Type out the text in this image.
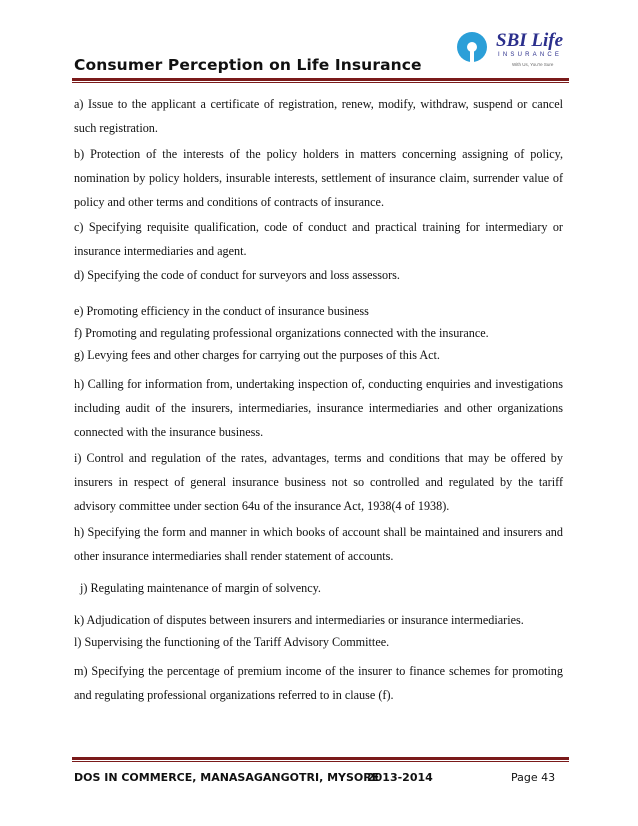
Consumer Perception on Life Insurance
SBI Life
INSURANCE
With Us, You're Sure
a) Issue to the applicant a certificate of registration, renew, modify, withdraw, suspend or cancel such registration.
b) Protection of the interests of the policy holders in matters concerning assigning of policy, nomination by policy holders, insurable interests, settlement of insurance claim, surrender value of policy and other terms and conditions of contracts of insurance.
c) Specifying requisite qualification, code of conduct and practical training for intermediary or insurance intermediaries and agent.
d) Specifying the code of conduct for surveyors and loss assessors.
e) Promoting efficiency in the conduct of insurance business
f) Promoting and regulating professional organizations connected with the insurance.
g) Levying fees and other charges for carrying out the purposes of this Act.
h) Calling for information from, undertaking inspection of, conducting enquiries and investigations including audit of the insurers, intermediaries, insurance intermediaries and other organizations connected with the insurance business.
i) Control and regulation of the rates, advantages, terms and conditions that may be offered by insurers in respect of general insurance business not so controlled and regulated by the tariff advisory committee under section 64u of the insurance Act, 1938(4 of 1938).
h) Specifying the form and manner in which books of account shall be maintained and insurers and other insurance intermediaries shall render statement of accounts.
j) Regulating maintenance of margin of solvency.
k) Adjudication of disputes between insurers and intermediaries or insurance intermediaries.
l) Supervising the functioning of the Tariff Advisory Committee.
m) Specifying the percentage of premium income of the insurer to finance schemes for promoting and regulating professional organizations referred to in clause (f).
DOS IN COMMERCE, MANASAGANGOTRI, MYSORE
2013-2014	Page 43
